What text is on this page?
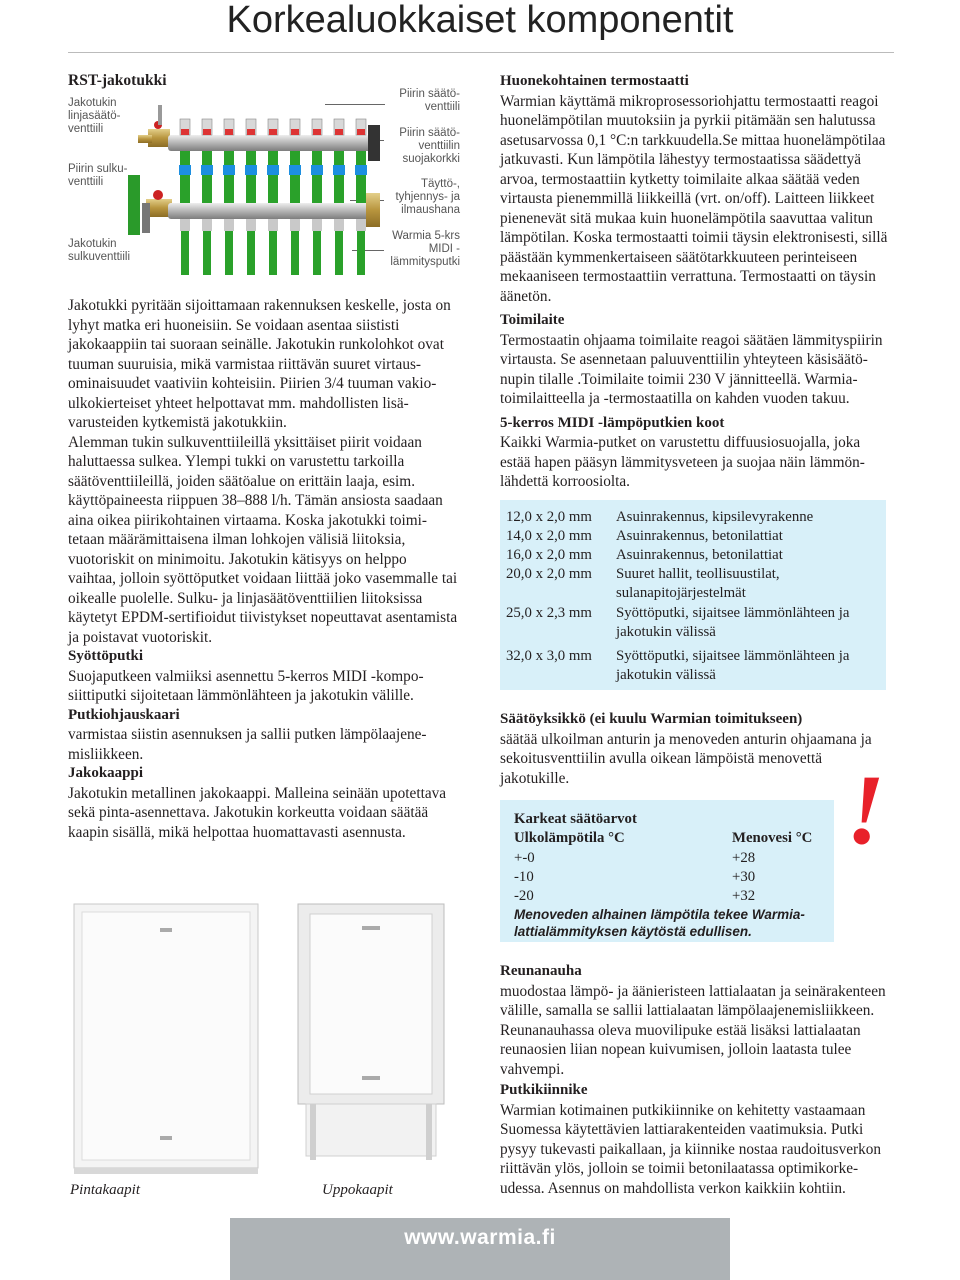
Korkealuokkaiset komponentit
RST-jakotukki
Jakotukin linjasäätö- venttiili
Piirin sulku- venttiili
Jakotukin sulkuventtiili
Piirin säätö- venttiili
Piirin säätö- venttiilin suojakorkki
Täyttö-, tyhjennys- ja ilmaushana
Warmia 5-krs MIDI -lämmitysputki

Jakotukki pyritään sijoittamaan rakennuksen keskelle, josta on lyhyt matka eri huoneisiin. Se voidaan asentaa siististi jakokaappiin tai suoraan seinälle. Jakotukin runkolohkot ovat tuuman suuruisia, mikä varmistaa riittävän suuret virtaus-ominaisuudet vaativiin kohteisiin. Piirien 3/4 tuuman vakio-ulkokierteiset yhteet helpottavat mm. mahdollisten lisä-varusteiden kytkemistä jakotukkiin.

Alemman tukin sulkuventtiileillä yksittäiset piirit voidaan haluttaessa sulkea. Ylempi tukki on varustettu tarkoilla säätöventtiileillä, joiden säätöalue on erittäin laaja, esim. käyttöpaineesta riippuen 38–888 l/h. Tämän ansiosta saadaan aina oikea piirikohtainen virtaama. Koska jakotukki toimi-tetaan määrämittaisena ilman lohkojen välisiä liitoksia, vuotoriskit on minimoitu. Jakotukin kätisyys on helppo vaihtaa, jolloin syöttöputket voidaan liittää joko vasemmalle tai oikealle puolelle. Sulku- ja linjasäätöventtiilien liitoksissa käytetyt EPDM-sertifioidut tiivistykset nopeuttavat asentamista ja poistavat vuotoriskit.

Syöttöputki

Suojaputkeen valmiiksi asennettu 5-kerros MIDI -kompo-siittiputki sijoitetaan lämmönlähteen ja jakotukin välille.

Putkiohjauskaari

varmistaa siistin asennuksen ja sallii putken lämpölaajene-misliikkeen.

Jakokaappi

Jakotukin metallinen jakokaappi. Malleina seinään upotettava sekä pinta-asennettava. Jakotukin korkeutta voidaan säätää kaapin sisällä, mikä helpottaa huomattavasti asennusta.

Pintakaapit	Uppokaapit

Huonekohtainen termostaatti

Warmian käyttämä mikroprosessoriohjattu termostaatti reagoi huonelämpötilan muutoksiin ja pyrkii pitämään sen halutussa asetusarvossa 0,1 °C:n tarkkuudella.Se mittaa huonelämpötilaa jatkuvasti. Kun lämpötila lähestyy termostaatissa säädettyä arvoa, termostaattiin kytketty toimilaite alkaa säätää veden virtausta pienemmillä liikkeillä (vrt. on/off). Laitteen liikkeet pienenevät sitä mukaa kuin huonelämpötila saavuttaa valitun lämpötilan. Koska termostaatti toimii täysin elektronisesti, sillä päästään kymmenkertaiseen säätötarkkuuteen perinteiseen mekaaniseen termostaattiin verrattuna. Termostaatti on täysin äänetön.

Toimilaite

Termostaatin ohjaama toimilaite reagoi säätäen lämmityspiirin virtausta. Se asennetaan paluuventtiilin yhteyteen käsisäätö-nupin tilalle .Toimilaite toimii 230 V jännitteellä. Warmia-toimilaitteella ja -termostaatilla on kahden vuoden takuu.

5-kerros MIDI -lämpöputkien koot

Kaikki Warmia-putket on varustettu diffuusiosuojalla, joka estää hapen pääsyn lämmitysveteen ja suojaa näin lämmön-lähdettä korroosiolta.

12,0 x 2,0 mm	Asuinrakennus, kipsilevyrakenne
14,0 x 2,0 mm	Asuinrakennus, betonilattiat
16,0 x 2,0 mm	Asuinrakennus, betonilattiat
20,0 x 2,0 mm	Suuret hallit, teollisuustilat, sulanapitojärjestelmät
25,0 x 2,3 mm	Syöttöputki, sijaitsee lämmönlähteen ja jakotukin välissä
32,0 x 3,0 mm	Syöttöputki, sijaitsee lämmönlähteen ja jakotukin välissä

Säätöyksikkö (ei kuulu Warmian toimitukseen)

säätää ulkoilman anturin ja menoveden anturin ohjaamana ja sekoitusventtiilin avulla oikean lämpöistä menovettä jakotukille.

Karkeat säätöarvot
Ulkolämpötila °C	Menovesi °C
+-0	+28
-10	+30
-20	+32
Menoveden alhainen lämpötila tekee Warmia-lattialämmityksen käytöstä edullisen.
!

Reunanauha

muodostaa lämpö- ja äänieristeen lattialaatan ja seinärakenteen välille, samalla se sallii lattialaatan lämpölaajenemisliikkeen. Reunanauhassa oleva muovilipuke estää lisäksi lattialaatan reunaosien liian nopean kuivumisen, jolloin laatasta tulee vahvempi.

Putkikiinnike

Warmian kotimainen putkikiinnike on kehitetty vastaamaan Suomessa käytettävien lattiarakenteiden vaatimuksia. Putki pysyy tukevasti paikallaan, ja kiinnike nostaa raudoitusverkon riittävän ylös, jolloin se toimii betonilaatassa optimikorke-udessa. Asennus on mahdollista verkon kaikkiin kohtiin.

www.warmia.fi
